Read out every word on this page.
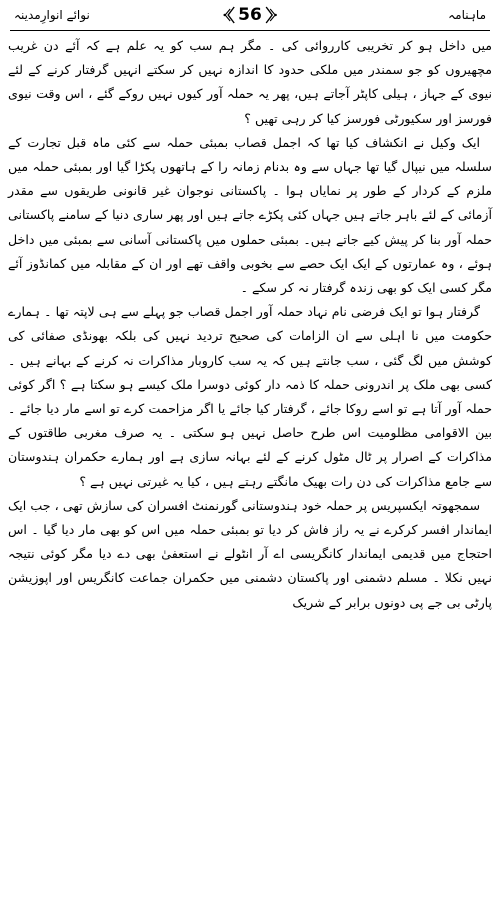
ماہنامہ
56
نوائے انوارِمدینہ

میں داخل ہو کر تخریبی کارروائی کی ۔ مگر ہم سب کو یہ علم ہے کہ آئے دن غریب مچھیروں کو جو سمندر میں ملکی حدود کا اندازہ نہیں کر سکتے انہیں گرفتار کرنے کے لئے نیوی کے جہاز ، ہیلی کاپٹر آجاتے ہیں، پھر یہ حملہ آور کیوں نہیں روکے گئے ، اس وقت نیوی فورسز اور سکیورٹی فورسز کیا کر رہی تھیں ؟

ایک وکیل نے انکشاف کیا تھا کہ اجمل قصاب بمبئی حملہ سے کئی ماہ قبل تجارت کے سلسلہ میں نیپال گیا تھا جہاں سے وہ بدنام زمانہ را کے ہاتھوں پکڑا گیا اور بمبئی حملہ میں ملزم کے کردار کے طور پر نمایاں ہوا ۔ پاکستانی نوجوان غیر قانونی طریقوں سے مقدر آزمائی کے لئے باہر جاتے ہیں جہاں کئی پکڑے جاتے ہیں اور پھر ساری دنیا کے سامنے پاکستانی حملہ آور بنا کر پیش کیے جاتے ہیں۔ بمبئی حملوں میں پاکستانی آسانی سے بمبئی میں داخل ہوئے ، وہ عمارتوں کے ایک ایک حصے سے بخوبی واقف تھے اور ان کے مقابلہ میں کمانڈوز آئے مگر کسی ایک کو بھی زندہ گرفتار نہ کر سکے ۔

گرفتار ہوا تو ایک فرضی نام نہاد حملہ آور اجمل قصاب جو پہلے سے ہی لاپتہ تھا ۔ ہمارے حکومت میں نا اہلی سے ان الزامات کی صحیح تردید نہیں کی بلکہ بھونڈی صفائی کی کوشش میں لگ گئی ، سب جانتے ہیں کہ یہ سب کاروبار مذاکرات نہ کرنے کے بہانے ہیں ۔ کسی بھی ملک پر اندرونی حملہ کا ذمہ دار کوئی دوسرا ملک کیسے ہو سکتا ہے ؟ اگر کوئی حملہ آور آتا ہے تو اسے روکا جائے ، گرفتار کیا جائے یا اگر مزاحمت کرے تو اسے مار دیا جائے ۔ بین الاقوامی مظلومیت اس طرح حاصل نہیں ہو سکتی ۔ یہ صرف مغربی طاقتوں کے مذاکرات کے اصرار پر ٹال مٹول کرنے کے لئے بہانہ سازی ہے اور ہمارے حکمران ہندوستان سے جامع مذاکرات کی دن رات بھیک مانگتے رہتے ہیں ، کیا یہ غیرتی نہیں ہے ؟

سمجھوتہ ایکسپریس پر حملہ خود ہندوستانی گورنمنٹ افسران کی سازش تھی ، جب ایک ایماندار افسر کرکرے نے یہ راز فاش کر دیا تو بمبئی حملہ میں اس کو بھی مار دیا گیا ۔ اس احتجاج میں قدیمی ایماندار کانگریسی اے آر انٹولے نے استعفیٰ بھی دے دیا مگر کوئی نتیجہ نہیں نکلا ۔ مسلم دشمنی اور پاکستان دشمنی میں حکمران جماعت کانگریس اور اپوزیشن پارٹی بی جے پی دونوں برابر کے شریک
